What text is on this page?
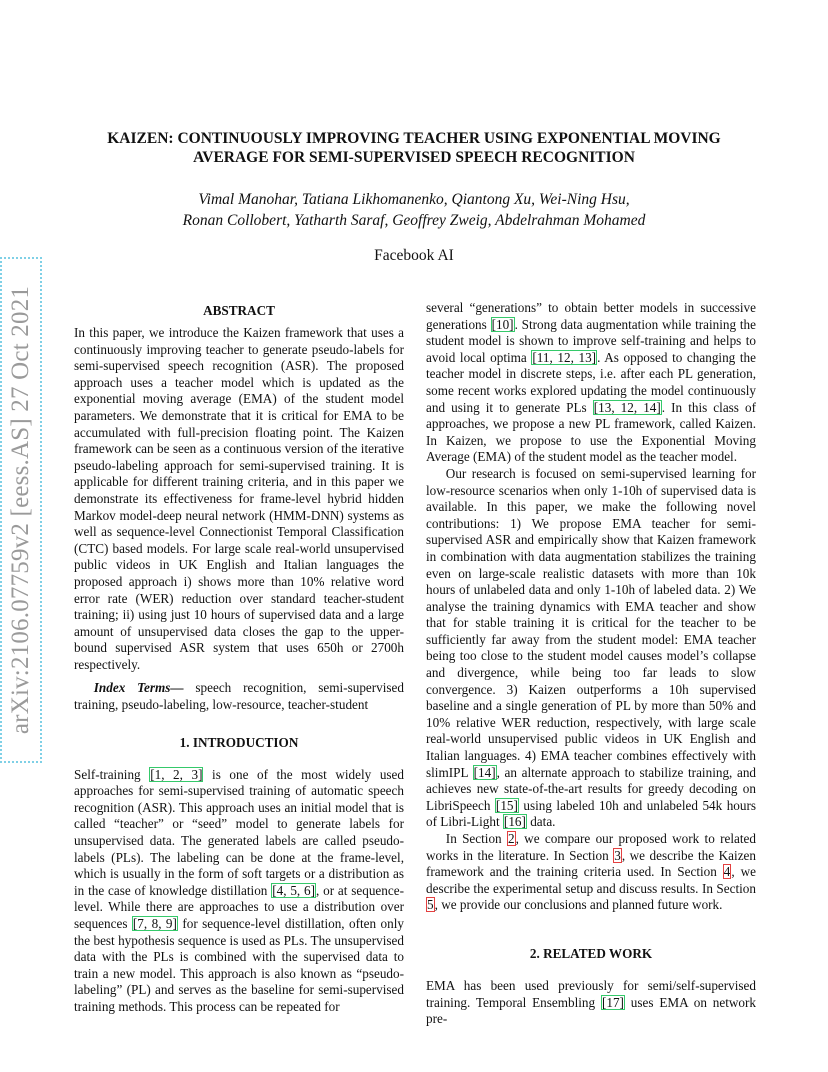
arXiv:2106.07759v2 [eess.AS] 27 Oct 2021
KAIZEN: CONTINUOUSLY IMPROVING TEACHER USING EXPONENTIAL MOVING
AVERAGE FOR SEMI-SUPERVISED SPEECH RECOGNITION
Vimal Manohar, Tatiana Likhomanenko, Qiantong Xu, Wei-Ning Hsu,
Ronan Collobert, Yatharth Saraf, Geoffrey Zweig, Abdelrahman Mohamed
Facebook AI
ABSTRACT

In this paper, we introduce the Kaizen framework that uses a continuously improving teacher to generate pseudo-labels for semi-supervised speech recognition (ASR). The proposed approach uses a teacher model which is updated as the exponential moving average (EMA) of the student model parameters. We demonstrate that it is critical for EMA to be accumulated with full-precision floating point. The Kaizen framework can be seen as a continuous version of the iterative pseudo-labeling approach for semi-supervised training. It is applicable for different training criteria, and in this paper we demonstrate its effectiveness for frame-level hybrid hidden Markov model-deep neural network (HMM-DNN) systems as well as sequence-level Connectionist Temporal Classification (CTC) based models. For large scale real-world unsupervised public videos in UK English and Italian languages the proposed approach i) shows more than 10% relative word error rate (WER) reduction over standard teacher-student training; ii) using just 10 hours of supervised data and a large amount of unsupervised data closes the gap to the upper-bound supervised ASR system that uses 650h or 2700h respectively.

Index Terms— speech recognition, semi-supervised training, pseudo-labeling, low-resource, teacher-student

1. INTRODUCTION

Self-training [1, 2, 3] is one of the most widely used approaches for semi-supervised training of automatic speech recognition (ASR). This approach uses an initial model that is called “teacher” or “seed” model to generate labels for unsupervised data. The generated labels are called pseudo-labels (PLs). The labeling can be done at the frame-level, which is usually in the form of soft targets or a distribution as in the case of knowledge distillation [4, 5, 6], or at sequence-level. While there are approaches to use a distribution over sequences [7, 8, 9] for sequence-level distillation, often only the best hypothesis sequence is used as PLs. The unsupervised data with the PLs is combined with the supervised data to train a new model. This approach is also known as “pseudo-labeling” (PL) and serves as the baseline for semi-supervised training methods. This process can be repeated for

several “generations” to obtain better models in successive generations [10]. Strong data augmentation while training the student model is shown to improve self-training and helps to avoid local optima [11, 12, 13]. As opposed to changing the teacher model in discrete steps, i.e. after each PL generation, some recent works explored updating the model continuously and using it to generate PLs [13, 12, 14]. In this class of approaches, we propose a new PL framework, called Kaizen. In Kaizen, we propose to use the Exponential Moving Average (EMA) of the student model as the teacher model.

Our research is focused on semi-supervised learning for low-resource scenarios when only 1-10h of supervised data is available. In this paper, we make the following novel contributions: 1) We propose EMA teacher for semi-supervised ASR and empirically show that Kaizen framework in combination with data augmentation stabilizes the training even on large-scale realistic datasets with more than 10k hours of unlabeled data and only 1-10h of labeled data. 2) We analyse the training dynamics with EMA teacher and show that for stable training it is critical for the teacher to be sufficiently far away from the student model: EMA teacher being too close to the student model causes model’s collapse and divergence, while being too far leads to slow convergence. 3) Kaizen outperforms a 10h supervised baseline and a single generation of PL by more than 50% and 10% relative WER reduction, respectively, with large scale real-world unsupervised public videos in UK English and Italian languages. 4) EMA teacher combines effectively with slimIPL [14], an alternate approach to stabilize training, and achieves new state-of-the-art results for greedy decoding on LibriSpeech [15] using labeled 10h and unlabeled 54k hours of Libri-Light [16] data.

In Section 2, we compare our proposed work to related works in the literature. In Section 3, we describe the Kaizen framework and the training criteria used. In Section 4, we describe the experimental setup and discuss results. In Section 5, we provide our conclusions and planned future work.

2. RELATED WORK

EMA has been used previously for semi/self-supervised training. Temporal Ensembling [17] uses EMA on network pre-
